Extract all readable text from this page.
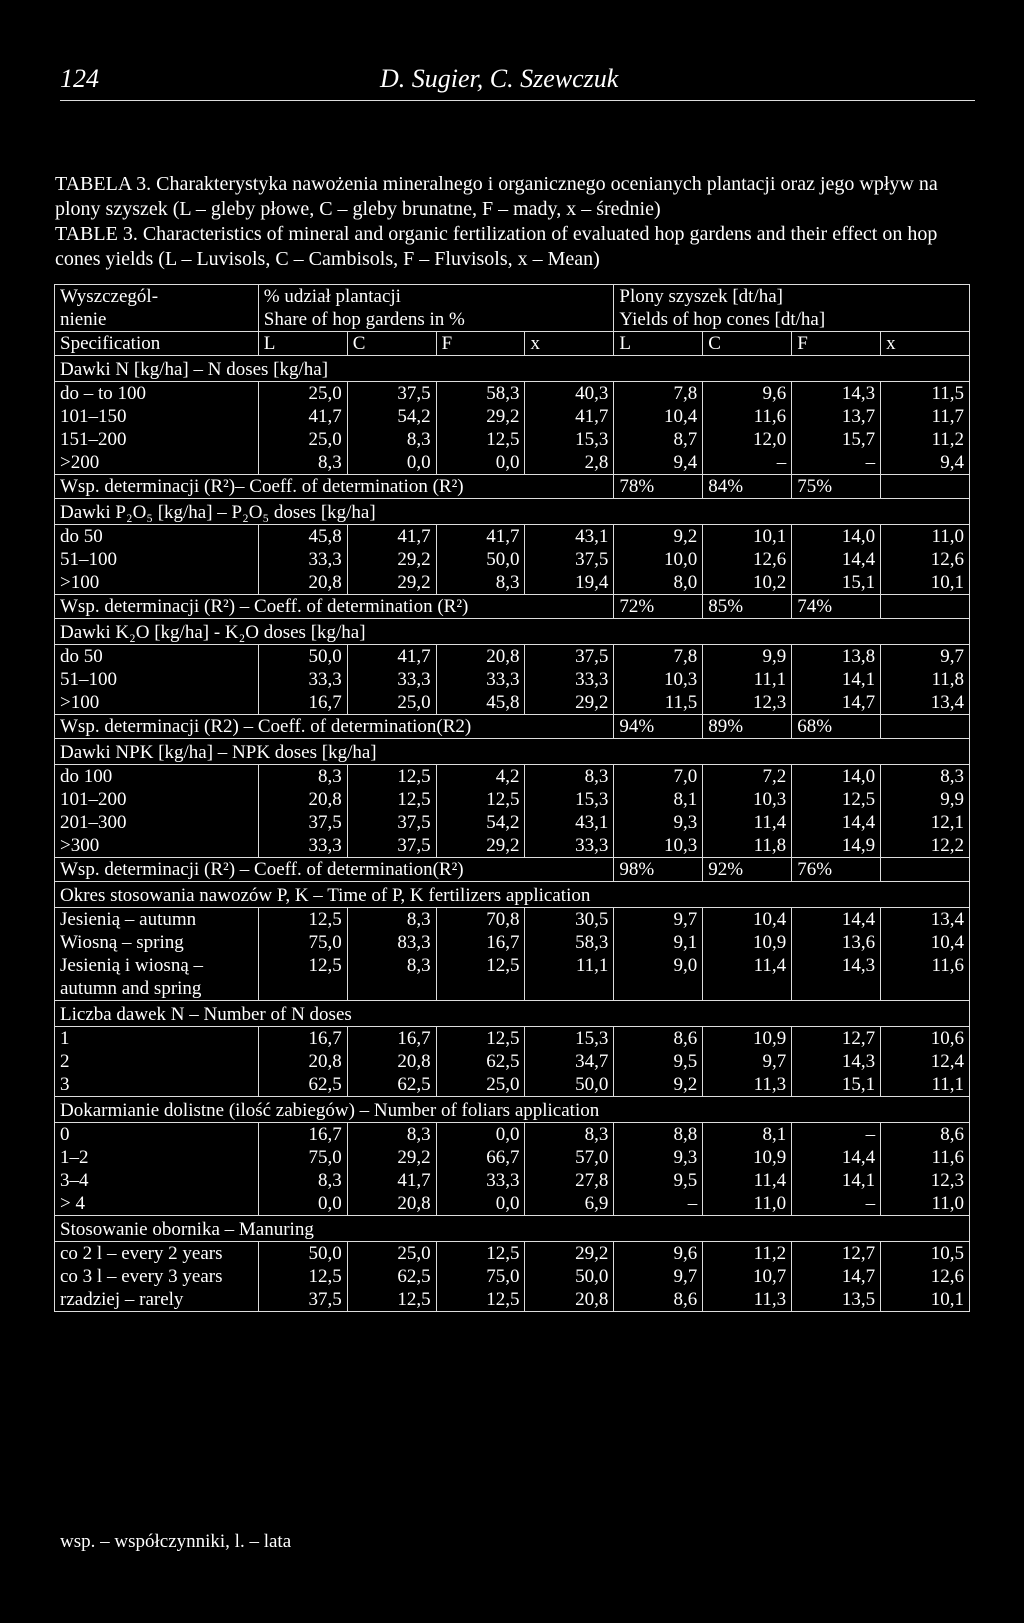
124	D. Sugier, C. Szewczuk

TABELA 3. Charakterystyka nawożenia mineralnego i organicznego ocenianych plantacji oraz jego wpływ na plony szyszek (L – gleby płowe, C – gleby brunatne, F – mady, x – średnie)

TABLE 3. Characteristics of mineral and organic fertilization of evaluated hop gardens and their effect on hop cones yields (L – Luvisols, C – Cambisols, F – Fluvisols, x – Mean)

Wyszczegól-	% udział plantacji				Plony szyszek [dt/ha]			
nienie	Share of hop gardens in %				Yields of hop cones [dt/ha]			
Specification	L	C	F	x	L	C	F	x
Dawki N [kg/ha] – N doses [kg/ha]								
do – to 100	25,0	37,5	58,3	40,3	7,8	9,6	14,3	11,5
101–150	41,7	54,2	29,2	41,7	10,4	11,6	13,7	11,7
151–200	25,0	8,3	12,5	15,3	8,7	12,0	15,7	11,2
>200	8,3	0,0	0,0	2,8	9,4	–	–	9,4
Wsp. determinacji (R²)– Coeff. of determination (R²)					78%	84%	75%	
Dawki P₂O₅ [kg/ha] – P₂O₅ doses [kg/ha]								
do 50	45,8	41,7	41,7	43,1	9,2	10,1	14,0	11,0
51–100	33,3	29,2	50,0	37,5	10,0	12,6	14,4	12,6
>100	20,8	29,2	8,3	19,4	8,0	10,2	15,1	10,1
Wsp. determinacji (R²) – Coeff. of determination (R²)					72%	85%	74%	
Dawki K₂O [kg/ha] - K₂O doses [kg/ha]								
do 50	50,0	41,7	20,8	37,5	7,8	9,9	13,8	9,7
51–100	33,3	33,3	33,3	33,3	10,3	11,1	14,1	11,8
>100	16,7	25,0	45,8	29,2	11,5	12,3	14,7	13,4
Wsp. determinacji (R2) – Coeff. of determination(R2)					94%	89%	68%	
Dawki NPK [kg/ha] – NPK doses [kg/ha]								
do 100	8,3	12,5	4,2	8,3	7,0	7,2	14,0	8,3
101–200	20,8	12,5	12,5	15,3	8,1	10,3	12,5	9,9
201–300	37,5	37,5	54,2	43,1	9,3	11,4	14,4	12,1
>300	33,3	37,5	29,2	33,3	10,3	11,8	14,9	12,2
Wsp. determinacji (R²) – Coeff. of determination(R²)					98%	92%	76%	
Okres stosowania nawozów P, K – Time of P, K fertilizers application								
Jesienią – autumn	12,5	8,3	70,8	30,5	9,7	10,4	14,4	13,4
Wiosną – spring	75,0	83,3	16,7	58,3	9,1	10,9	13,6	10,4
Jesienią i wiosną –	12,5	8,3	12,5	11,1	9,0	11,4	14,3	11,6
autumn and spring								
Liczba dawek N – Number of N doses								
1	16,7	16,7	12,5	15,3	8,6	10,9	12,7	10,6
2	20,8	20,8	62,5	34,7	9,5	9,7	14,3	12,4
3	62,5	62,5	25,0	50,0	9,2	11,3	15,1	11,1
Dokarmianie dolistne (ilość zabiegów) – Number of foliars application								
0	16,7	8,3	0,0	8,3	8,8	8,1	–	8,6
1–2	75,0	29,2	66,7	57,0	9,3	10,9	14,4	11,6
3–4	8,3	41,7	33,3	27,8	9,5	11,4	14,1	12,3
> 4	0,0	20,8	0,0	6,9	–	11,0	–	11,0
Stosowanie obornika – Manuring								
co 2 l – every 2 years	50,0	25,0	12,5	29,2	9,6	11,2	12,7	10,5
co 3 l – every 3 years	12,5	62,5	75,0	50,0	9,7	10,7	14,7	12,6
rzadziej – rarely	37,5	12,5	12,5	20,8	8,6	11,3	13,5	10,1
wsp. – współczynniki, l. – lata
